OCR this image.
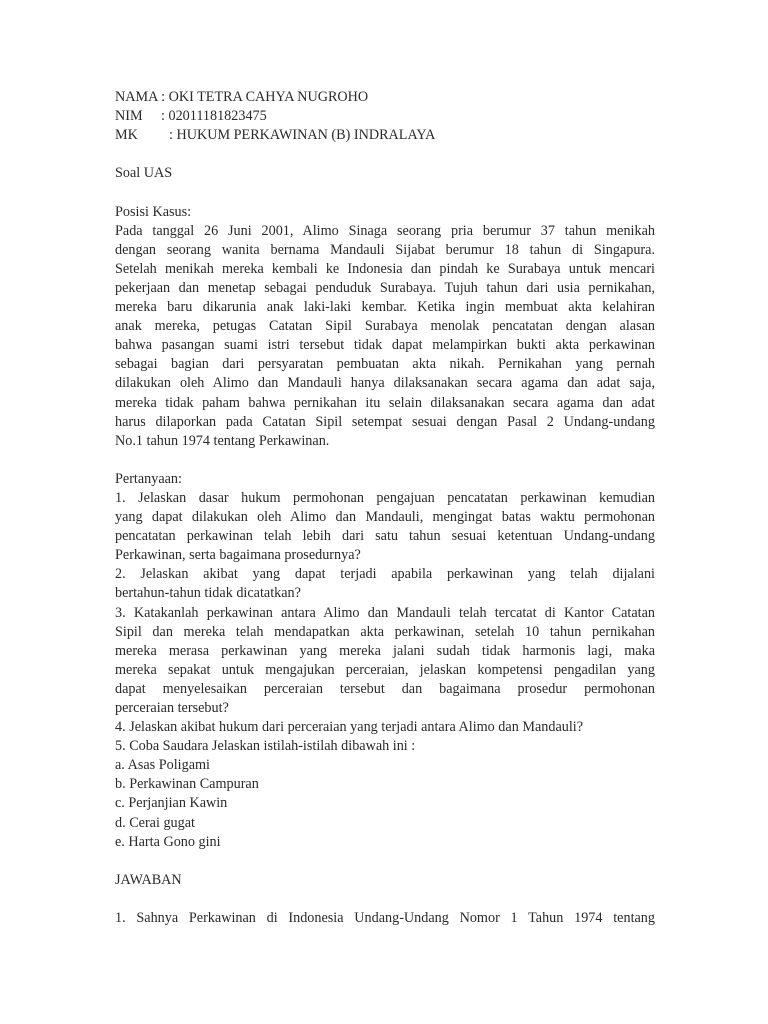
NAMA : OKI TETRA CAHYA NUGROHO
NIM : 02011181823475
MK : HUKUM PERKAWINAN (B) INDRALAYA
Soal UAS
Posisi Kasus:
Pada tanggal 26 Juni 2001, Alimo Sinaga seorang pria berumur 37 tahun menikah
dengan seorang wanita bernama Mandauli Sijabat berumur 18 tahun di Singapura.
Setelah menikah mereka kembali ke Indonesia dan pindah ke Surabaya untuk mencari
pekerjaan dan menetap sebagai penduduk Surabaya. Tujuh tahun dari usia pernikahan,
mereka baru dikarunia anak laki-laki kembar. Ketika ingin membuat akta kelahiran
anak mereka, petugas Catatan Sipil Surabaya menolak pencatatan dengan alasan
bahwa pasangan suami istri tersebut tidak dapat melampirkan bukti akta perkawinan
sebagai bagian dari persyaratan pembuatan akta nikah. Pernikahan yang pernah
dilakukan oleh Alimo dan Mandauli hanya dilaksanakan secara agama dan adat saja,
mereka tidak paham bahwa pernikahan itu selain dilaksanakan secara agama dan adat
harus dilaporkan pada Catatan Sipil setempat sesuai dengan Pasal 2 Undang-undang
No.1 tahun 1974 tentang Perkawinan.
Pertanyaan:
1. Jelaskan dasar hukum permohonan pengajuan pencatatan perkawinan kemudian
yang dapat dilakukan oleh Alimo dan Mandauli, mengingat batas waktu permohonan
pencatatan perkawinan telah lebih dari satu tahun sesuai ketentuan Undang-undang
Perkawinan, serta bagaimana prosedurnya?
2. Jelaskan akibat yang dapat terjadi apabila perkawinan yang telah dijalani
bertahun-tahun tidak dicatatkan?
3. Katakanlah perkawinan antara Alimo dan Mandauli telah tercatat di Kantor Catatan
Sipil dan mereka telah mendapatkan akta perkawinan, setelah 10 tahun pernikahan
mereka merasa perkawinan yang mereka jalani sudah tidak harmonis lagi, maka
mereka sepakat untuk mengajukan perceraian, jelaskan kompetensi pengadilan yang
dapat menyelesaikan perceraian tersebut dan bagaimana prosedur permohonan
perceraian tersebut?
4. Jelaskan akibat hukum dari perceraian yang terjadi antara Alimo dan Mandauli?
5. Coba Saudara Jelaskan istilah-istilah dibawah ini :
a. Asas Poligami
b. Perkawinan Campuran
c. Perjanjian Kawin
d. Cerai gugat
e. Harta Gono gini
JAWABAN
1. Sahnya Perkawinan di Indonesia Undang-Undang Nomor 1 Tahun 1974 tentang
